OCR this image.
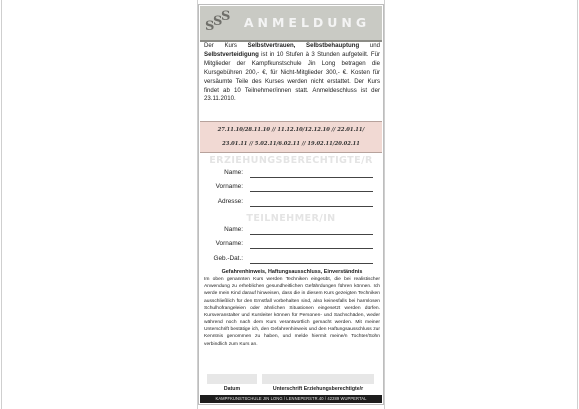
S
S
S	ANMELDUNG
Der Kurs Selbstvertrauen, Selbstbehauptung und Selbstverteidigung ist in 10 Stufen à 3 Stunden aufgeteilt. Für Mitglieder der Kampfkunstschule Jin Long betragen die Kursgebühren 200,- €, für Nicht-Mitglieder 300,- €. Kosten für versäumte Teile des Kurses werden nicht erstattet. Der Kurs findet ab 10 Teilnehmer/innen statt. Anmeldeschluss ist der 23.11.2010.
27.11.10/28.11.10 // 11.12.10/12.12.10 // 22.01.11/
23.01.11 // 5.02.11/6.02.11 // 19.02.11/20.02.11
ERZIEHUNGSBERECHTIGTE/R
Name:
Vorname:
Adresse:
TEILNEHMER/IN
Name:
Vorname:
Geb.-Dat.:
Gefahrenhinweis, Haftungsausschluss, Einverständnis
Im oben genannten Kurs werden Techniken eingeübt, die bei realistischer Anwendung zu erheblichen gesundheitlichen Gefährdungen führen können. Ich werde mein Kind darauf hinweisen, dass die in diesem Kurs gezeigten Techniken ausschließlich für den Ernstfall vorbehalten sind, also keinesfalls bei harmlosen Schulhofrangeleien oder ähnlichen Situationen eingesetzt werden dürfen. Kursveranstalter und Kursleiter können für Personen- und Sachschäden, weder während noch nach dem Kurs verantwortlich gemacht werden. Mit meiner Unterschrift bestätige ich, den Gefahrenhinweis und den Haftungsausschluss zur Kenntnis genommen zu haben, und melde hiermit meine/n Tochter/Sohn verbindlich zum Kurs an.
Datum	Unterschrift Erziehungsberechtigte/r
KAMPFKUNSTSCHULE JIN LONG / LENNEPERSTR.40 / 42289 WUPPERTAL
